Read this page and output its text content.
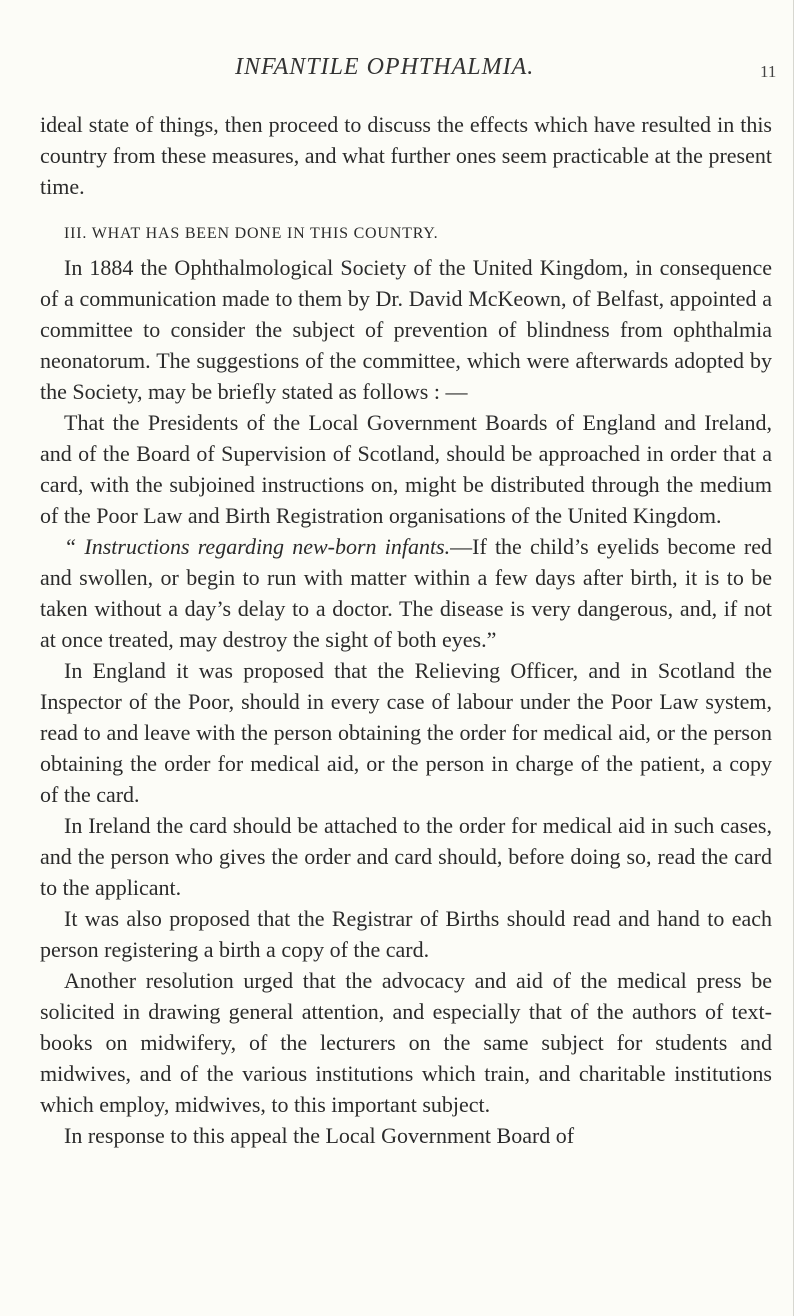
INFANTILE OPHTHALMIA.	11

ideal state of things, then proceed to discuss the effects which have resulted in this country from these measures, and what further ones seem practicable at the present time.

III. WHAT HAS BEEN DONE IN THIS COUNTRY.

In 1884 the Ophthalmological Society of the United Kingdom, in consequence of a communication made to them by Dr. David McKeown, of Belfast, appointed a committee to consider the subject of prevention of blindness from ophthalmia neonatorum. The suggestions of the committee, which were afterwards adopted by the Society, may be briefly stated as follows : —

That the Presidents of the Local Government Boards of England and Ireland, and of the Board of Supervision of Scotland, should be approached in order that a card, with the subjoined instructions on, might be distributed through the medium of the Poor Law and Birth Registration organisations of the United Kingdom.

“ Instructions regarding new-born infants.—If the child’s eyelids become red and swollen, or begin to run with matter within a few days after birth, it is to be taken without a day’s delay to a doctor. The disease is very dangerous, and, if not at once treated, may destroy the sight of both eyes.”

In England it was proposed that the Relieving Officer, and in Scotland the Inspector of the Poor, should in every case of labour under the Poor Law system, read to and leave with the person obtaining the order for medical aid, or the person obtaining the order for medical aid, or the person in charge of the patient, a copy of the card.

In Ireland the card should be attached to the order for medical aid in such cases, and the person who gives the order and card should, before doing so, read the card to the applicant.

It was also proposed that the Registrar of Births should read and hand to each person registering a birth a copy of the card.

Another resolution urged that the advocacy and aid of the medical press be solicited in drawing general attention, and especially that of the authors of text-books on midwifery, of the lecturers on the same subject for students and midwives, and of the various institutions which train, and charitable institutions which employ, midwives, to this important subject.

In response to this appeal the Local Government Board of
